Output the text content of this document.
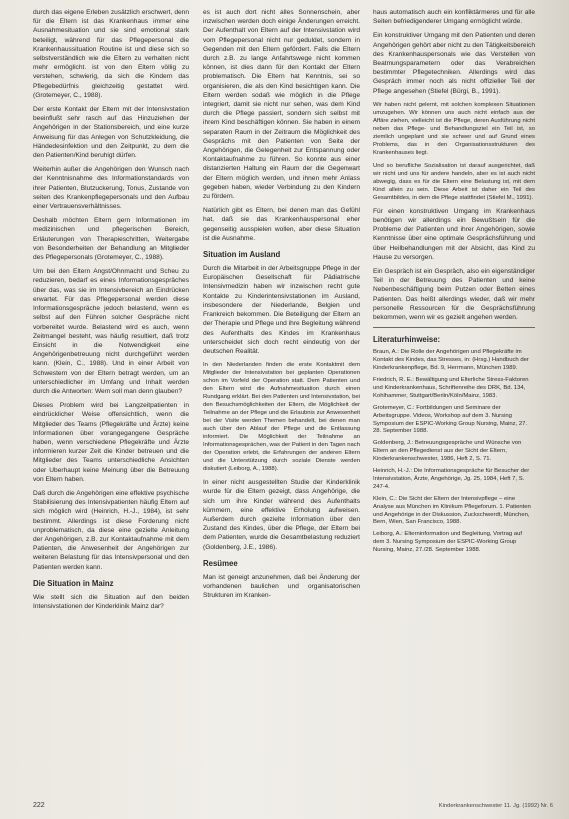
durch das eigene Erleben zusätzlich erschwert, denn für die Eltern ist das Krankenhaus immer eine Ausnahmesituation und sie sind emotional stark beteiligt, während für das Pflegepersonal die Krankenhaussituation Routine ist und diese sich so selbstverständlich wie die Eltern zu verhalten nicht mehr ermöglicht. ist von den Eltern völlig zu verstehen, schwierig, da sich die Kindern das Pflegebedürfnis gleichzeitig gestattet wird. (Grotemeyer, C., 1988).

Der erste Kontakt der Eltern mit der Intensivstation beeinflußt sehr rasch auf das Hinzuziehen der Angehörigen in der Stationsbereich, und eine kurze Anweisung für das Anlegen von Schutzkleidung, die Händedesinfektion und den Zeitpunkt, zu dem die den Patienten/Kind beruhigt dürfen.

Weiterhin außer die Angehörigen den Wunsch nach der Kenntnisnahme des Informationstandards von ihrer Patienten, Blutzuckerung, Tonus, Zustande von seiten des Krankenpflegepersonals und den Aufbau einer Vertrauensverhältnisses.

Deshalb möchten Eltern gern Informationen im medizinischen und pflegerischen Bereich, Erläuterungen von Therapieschritten, Weitergabe von Besonderheiten der Behandlung an Mitglieder des Pflegepersonals (Grotemeyer, C., 1988).

Um bei den Eltern Angst/Ohnmacht und Scheu zu reduzieren, bedarf es eines Informationsgespräches über das, was sie im Intensivbereich an Eindrücken erwartet. Für das Pflegepersonal werden diese Informationsgespräche jedoch belastend, wenn es selbst auf den Führen solcher Gespräche nicht vorbereitet wurde. Belastend wird es auch, wenn Zeitmangel besteht, was häufig resultiert, daß trotz Einsicht in die Notwendigkeit eine Angehörigenbetreuung nicht durchgeführt werden kann. (Klein, C., 1988). Und in einer Arbeit von Schwestern von der Eltern betragt werden, um an unterschiedlicher im Umfang und Inhalt werden durch die Antworten: Wem soll man denn glauben?

Dieses Problem wird bei Langzeitpatienten in eindrücklicher Weise offensichtlich, wenn die Mitglieder des Teams (Pflegekräfte und Ärzte) keine Informationen über vorangegangene Gespräche haben, wenn verschiedene Pflegekräfte und Ärzte informieren kurzer Zeit die Kinder betreuen und die Mitglieder des Teams unterschiedliche Ansichten oder Uberhaupt keine Meinung über die Betreuung von Eltern haben.

Daß durch die Angehörigen eine effektive psychische Stabilisierung des Intensivpatienten häufig Eltern auf sich möglich wird (Heinrich, H.-J., 1984), ist sehr bestimmt. Allerdings ist diese Forderung nicht unproblematisch, da diese eine gezielte Anleitung der Angehörigen, z.B. zur Kontaktaufnahme mit dem Patienten, die Anwesenheit der Angehörigen zur weiteren Belastung für das Intensivpersonal und den Patienten werden kann.

Die Situation in Mainz

Wie stellt sich die Situation auf den beiden Intensivstationen der Kinderklinik Mainz dar?

es ist auch dort nicht alles Sonnenschein, aber inzwischen werden doch einige Änderungen erreicht. Der Aufenthalt von Eltern auf der Intensivstation wird vom Pflegepersonal nicht nur geduldet, sondern in Gegenden mit den Eltern gefördert. Falls die Eltern durch z.B. zu lange Anfahrtswege nicht kommen können, ist dies dann für den Kontakt der Eltern problematisch. Die Eltern hat Kenntnis, sei so organisieren, die als den Kind besichtigen kann. Die Eltern werden sodaß wie möglich in die Pflege integriert, damit sie nicht nur sehen, was dem Kind durch die Pflege passiert, sondern sich selbst mit ihrem Kind beschäftigen können. Sie haben in einem separaten Raum in der Zeitraum die Möglichkeit des Gesprächs mit den Patienten von Seite der Angehörigen, die Gelegenheit zur Entspannung oder Kontaktaufnahme zu führen. So konnte aus einer distanzierten Haltung ein Raum der die Gegenwart der Eltern möglich werden, und ihnen mehr Anlass gegeben haben, wieder Verbindung zu den Kindern zu fördern.

Natürlich gibt es Eltern, bei denen man das Gefühl hat, daß sie das Krankenhauspersonal eher gegenseitig ausspielen wollen, aber diese Situation ist die Ausnahme.

Situation im Ausland

Durch die Mitarbeit in der Arbeitsgruppe Pflege in der Europäischen Gesellschaft für Pädiatrische Intensivmedizin haben wir inzwischen recht gute Kontakte zu Kinderintensivstationen im Ausland, insbesondere der Niederlande, Belgien und Frankreich bekommen. Die Beteiligung der Eltern an der Therapie und Pflege und ihre Begleitung während des Aufenthalts des Kindes im Krankenhaus unterscheidet sich doch recht eindeutig von der deutschen Realität.

In den Niederlanden finden die erste Kontaktmit dem Mitglieder der Intensivstation bei geplanten Operationen schon im Vorfeld der Operation statt. Dem Patienten und den Eltern wird die Aufnahmesituation durch einen Rundgang erklärt. Bei den Patienten und Intensivstation, bei den Besuchsmöglichkeiten der Eltern, die Möglichkeit der Teilnahme an der Pflege und die Erlaubnis zur Anwesenheit bei der Visite werden Themen behandelt, bei denen man auch über den Ablauf der Pflege und die Entlassung informiert. Die Möglichkeit der Teilnahme an Informationsgesprächen, was der Patient in den Tagen nach der Operation erlebt, die Erfahrungen der anderen Eltern und die Unterstützung durch soziale Dienste werden diskutiert (Leiborg, A., 1988).

In einer nicht ausgestellten Studie der Kinderklinik wurde für die Eltern gezeigt, dass Angehörige, die sich um ihre Kinder während des Aufenthalts kümmern, eine effektive Erholung aufweisen. Außerdem durch gezielte Information über den Zustand des Kindes, über die Pflege, der Eltern bei dem Patienten, wurde die Gesamtbelastung reduziert (Goldenberg, J.E., 1986).

Resümee

Man ist geneigt anzunehmen, daß bei Änderung der vorhandenen baulichen und organisatorischen Strukturen im Kranken-

haus automatisch auch ein konfliktärmeres und für alle Seiten befriedigenderer Umgang ermöglicht würde.

Ein konstruktiver Umgang mit den Patienten und deren Angehörigen gehört aber nicht zu den Tätigkeitsbereich des Krankenhauspersonals wie das Verstellen von Beatmungsparametern oder das Verabreichen bestimmter Pflegetechniken. Allerdings wird das Gespräch immer noch als nicht offizieller Teil der Pflege angesehen (Stiefel (Bürgi, B., 1991).

Wir haben nicht gelernt, mit solchen komplexen Situationen umzugehen. Wir können uns auch nicht einfach aus der Affäre ziehen, vielleicht ist die Pflege, deren Ausführung nicht neben das Pflege- und Behandlungsziel ein Teil ist, so ziemlich ungeplant und sie schwer und auf Grund eines Problems, das in den Organisationsstrukturen des Krankenhauses liegt.

Und so berufliche Sozialisation ist darauf ausgerichtet, daß wir nicht und uns für andere handeln, aber es ist auch nicht abwegig, dass es für die Eltern eine Belastung ist, mit dem Kind allein zu sein. Diese Arbeit ist daher ein Teil des Gesamtbildes, in dem die Pflege stattfindet (Stiefel M., 1991).

Für einen konstruktiven Umgang im Krankenhaus benötigen wir allerdings ein Bewußtsein für die Probleme der Patienten und ihrer Angehörigen, sowie Kenntnisse über eine optimale Gesprächsführung und über Heilbehandlungen mit der Absicht, das Kind zu Hause zu versorgen.

Ein Gespräch ist ein Gespräch, also ein eigenständiger Teil in der Betreuung des Patienten und keine Nebenbeschäftigung beim Putzen oder Betten eines Patienten. Das heißt allerdings wieder, daß wir mehr personelle Ressourcen für die Gesprächsführung bekommen, wenn wir es gezielt angehen werden.

Literaturhinweise:
Braun, A.: Die Rolle der Angehörigen und Pflegekräfte im Kontakt des Kindes, das Stresses, in: (Hrsg.) Handbuch der Kinderkrankenpflege, Bd. 9, Herrmann, München 1989.
Friedrich, R. E.: Bewältigung und Elterliche Stress-Faktoren und Kinderkrankenhaus, Schriftenreihe des DRK, Bd. 134, Kohlhammer, Stuttgart/Berlin/Köln/Mainz, 1983.
Grotemeyer, C.: Fortbildungen und Seminare der Arbeitsgruppe. Videos, Workshop auf dem 3. Nursing Symposium der ESPIC-Working Group Nursing, Mainz, 27. 28. September 1988.
Goldenberg, J.: Betreuungsgespräche und Wünsche von Eltern an den Pflegedienst aus der Sicht der Eltern, Kinderkrankenschwester, 1986, Heft 2, S. 71.
Heinrich, H.-J.: Die Informationsgespräche für Besucher der Intensivstation, Ärzte, Angehörige, Jg. 25, 1984, Heft 7, S. 247-4.
Klein, C.: Die Sicht der Eltern der Intensivpflege – eine Analyse aus München im Klinikum Pflegeforum. 1. Patienten und Angehörige in der Diskussion, Zuckschwerdt, München, Bern, Wien, San Francisco, 1988.
Leiborg, A.: Elterninformation und Begleitung, Vortrag auf dem 3. Nursing Symposium der ESPIC-Working Group Nursing, Mainz, 27./28. September 1988.
222	Kinderkrankenschwester 11. Jg. (1992) Nr. 6
